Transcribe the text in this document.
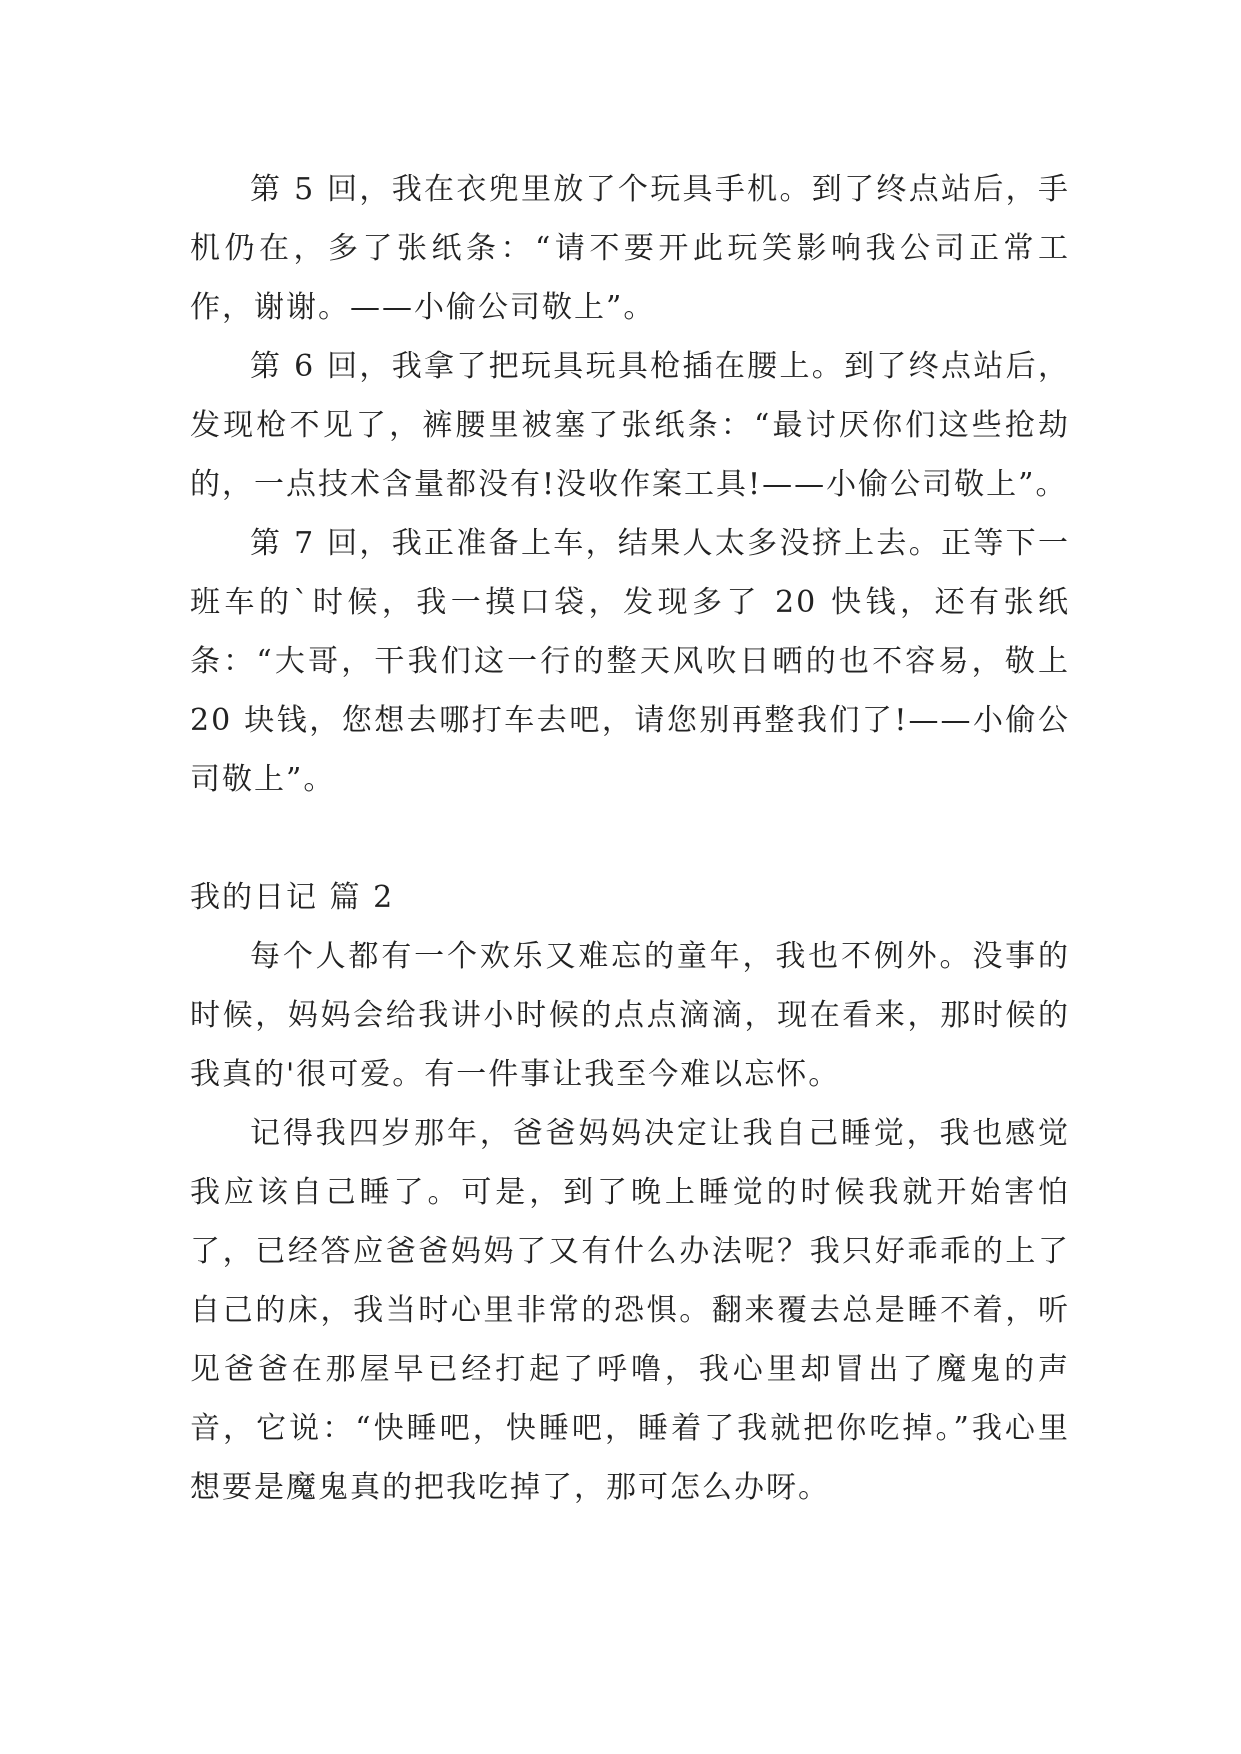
第 5 回，我在衣兜里放了个玩具手机。到了终点站后，手机仍在，多了张纸条：“请不要开此玩笑影响我公司正常工作，谢谢。——小偷公司敬上”。

第 6 回，我拿了把玩具玩具枪插在腰上。到了终点站后，发现枪不见了，裤腰里被塞了张纸条：“最讨厌你们这些抢劫的，一点技术含量都没有!没收作案工具!——小偷公司敬上”。

第 7 回，我正准备上车，结果人太多没挤上去。正等下一班车的`时候，我一摸口袋，发现多了 20 快钱，还有张纸条：“大哥，干我们这一行的整天风吹日晒的也不容易，敬上 20 块钱，您想去哪打车去吧，请您别再整我们了!——小偷公司敬上”。

我的日记 篇 2

每个人都有一个欢乐又难忘的童年，我也不例外。没事的时候，妈妈会给我讲小时候的点点滴滴，现在看来，那时候的我真的'很可爱。有一件事让我至今难以忘怀。

记得我四岁那年，爸爸妈妈决定让我自己睡觉，我也感觉我应该自己睡了。可是，到了晚上睡觉的时候我就开始害怕了，已经答应爸爸妈妈了又有什么办法呢？我只好乖乖的上了自己的床，我当时心里非常的恐惧。翻来覆去总是睡不着，听见爸爸在那屋早已经打起了呼噜，我心里却冒出了魔鬼的声音，它说：“快睡吧，快睡吧，睡着了我就把你吃掉。”我心里想要是魔鬼真的把我吃掉了，那可怎么办呀。
